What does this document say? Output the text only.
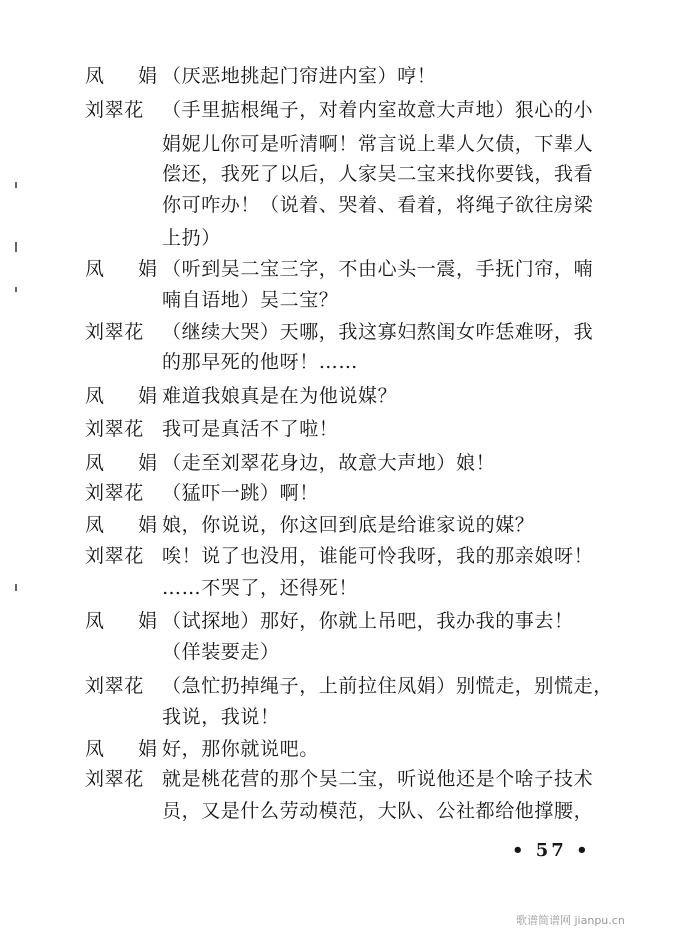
凤 娟
（厌恶地挑起门帘进内室）哼！
刘翠花 （手里掂根绳子，对着内室故意大声地）狠心的小
娟妮儿你可是听清啊！常言说上辈人欠债，下辈人
偿还，我死了以后，人家吴二宝来找你要钱，我看
你可咋办！（说着、哭着、看着，将绳子欲往房梁
上扔）
凤 娟
（听到吴二宝三字，不由心头一震，手抚门帘，喃
喃自语地）吴二宝？
刘翠花 （继续大哭）天哪，我这寡妇熬闺女咋恁难呀，我
的那早死的他呀！……
凤 娟
难道我娘真是在为他说媒？
刘翠花 我可是真活不了啦！
凤 娟
（走至刘翠花身边，故意大声地）娘！
刘翠花 （猛吓一跳）啊！
凤 娟
娘，你说说，你这回到底是给谁家说的媒？
刘翠花 唉！说了也没用，谁能可怜我呀，我的那亲娘呀！
……不哭了，还得死！
凤 娟
（试探地）那好，你就上吊吧，我办我的事去！
（佯装要走）
刘翠花 （急忙扔掉绳子，上前拉住凤娟）别慌走，别慌走，
我说，我说！
凤 娟
好，那你就说吧。
刘翠花 就是桃花营的那个吴二宝，听说他还是个啥子技术
员，又是什么劳动模范，大队、公社都给他撑腰，
• 57 •
歌谱简谱网 jianpu.cn
